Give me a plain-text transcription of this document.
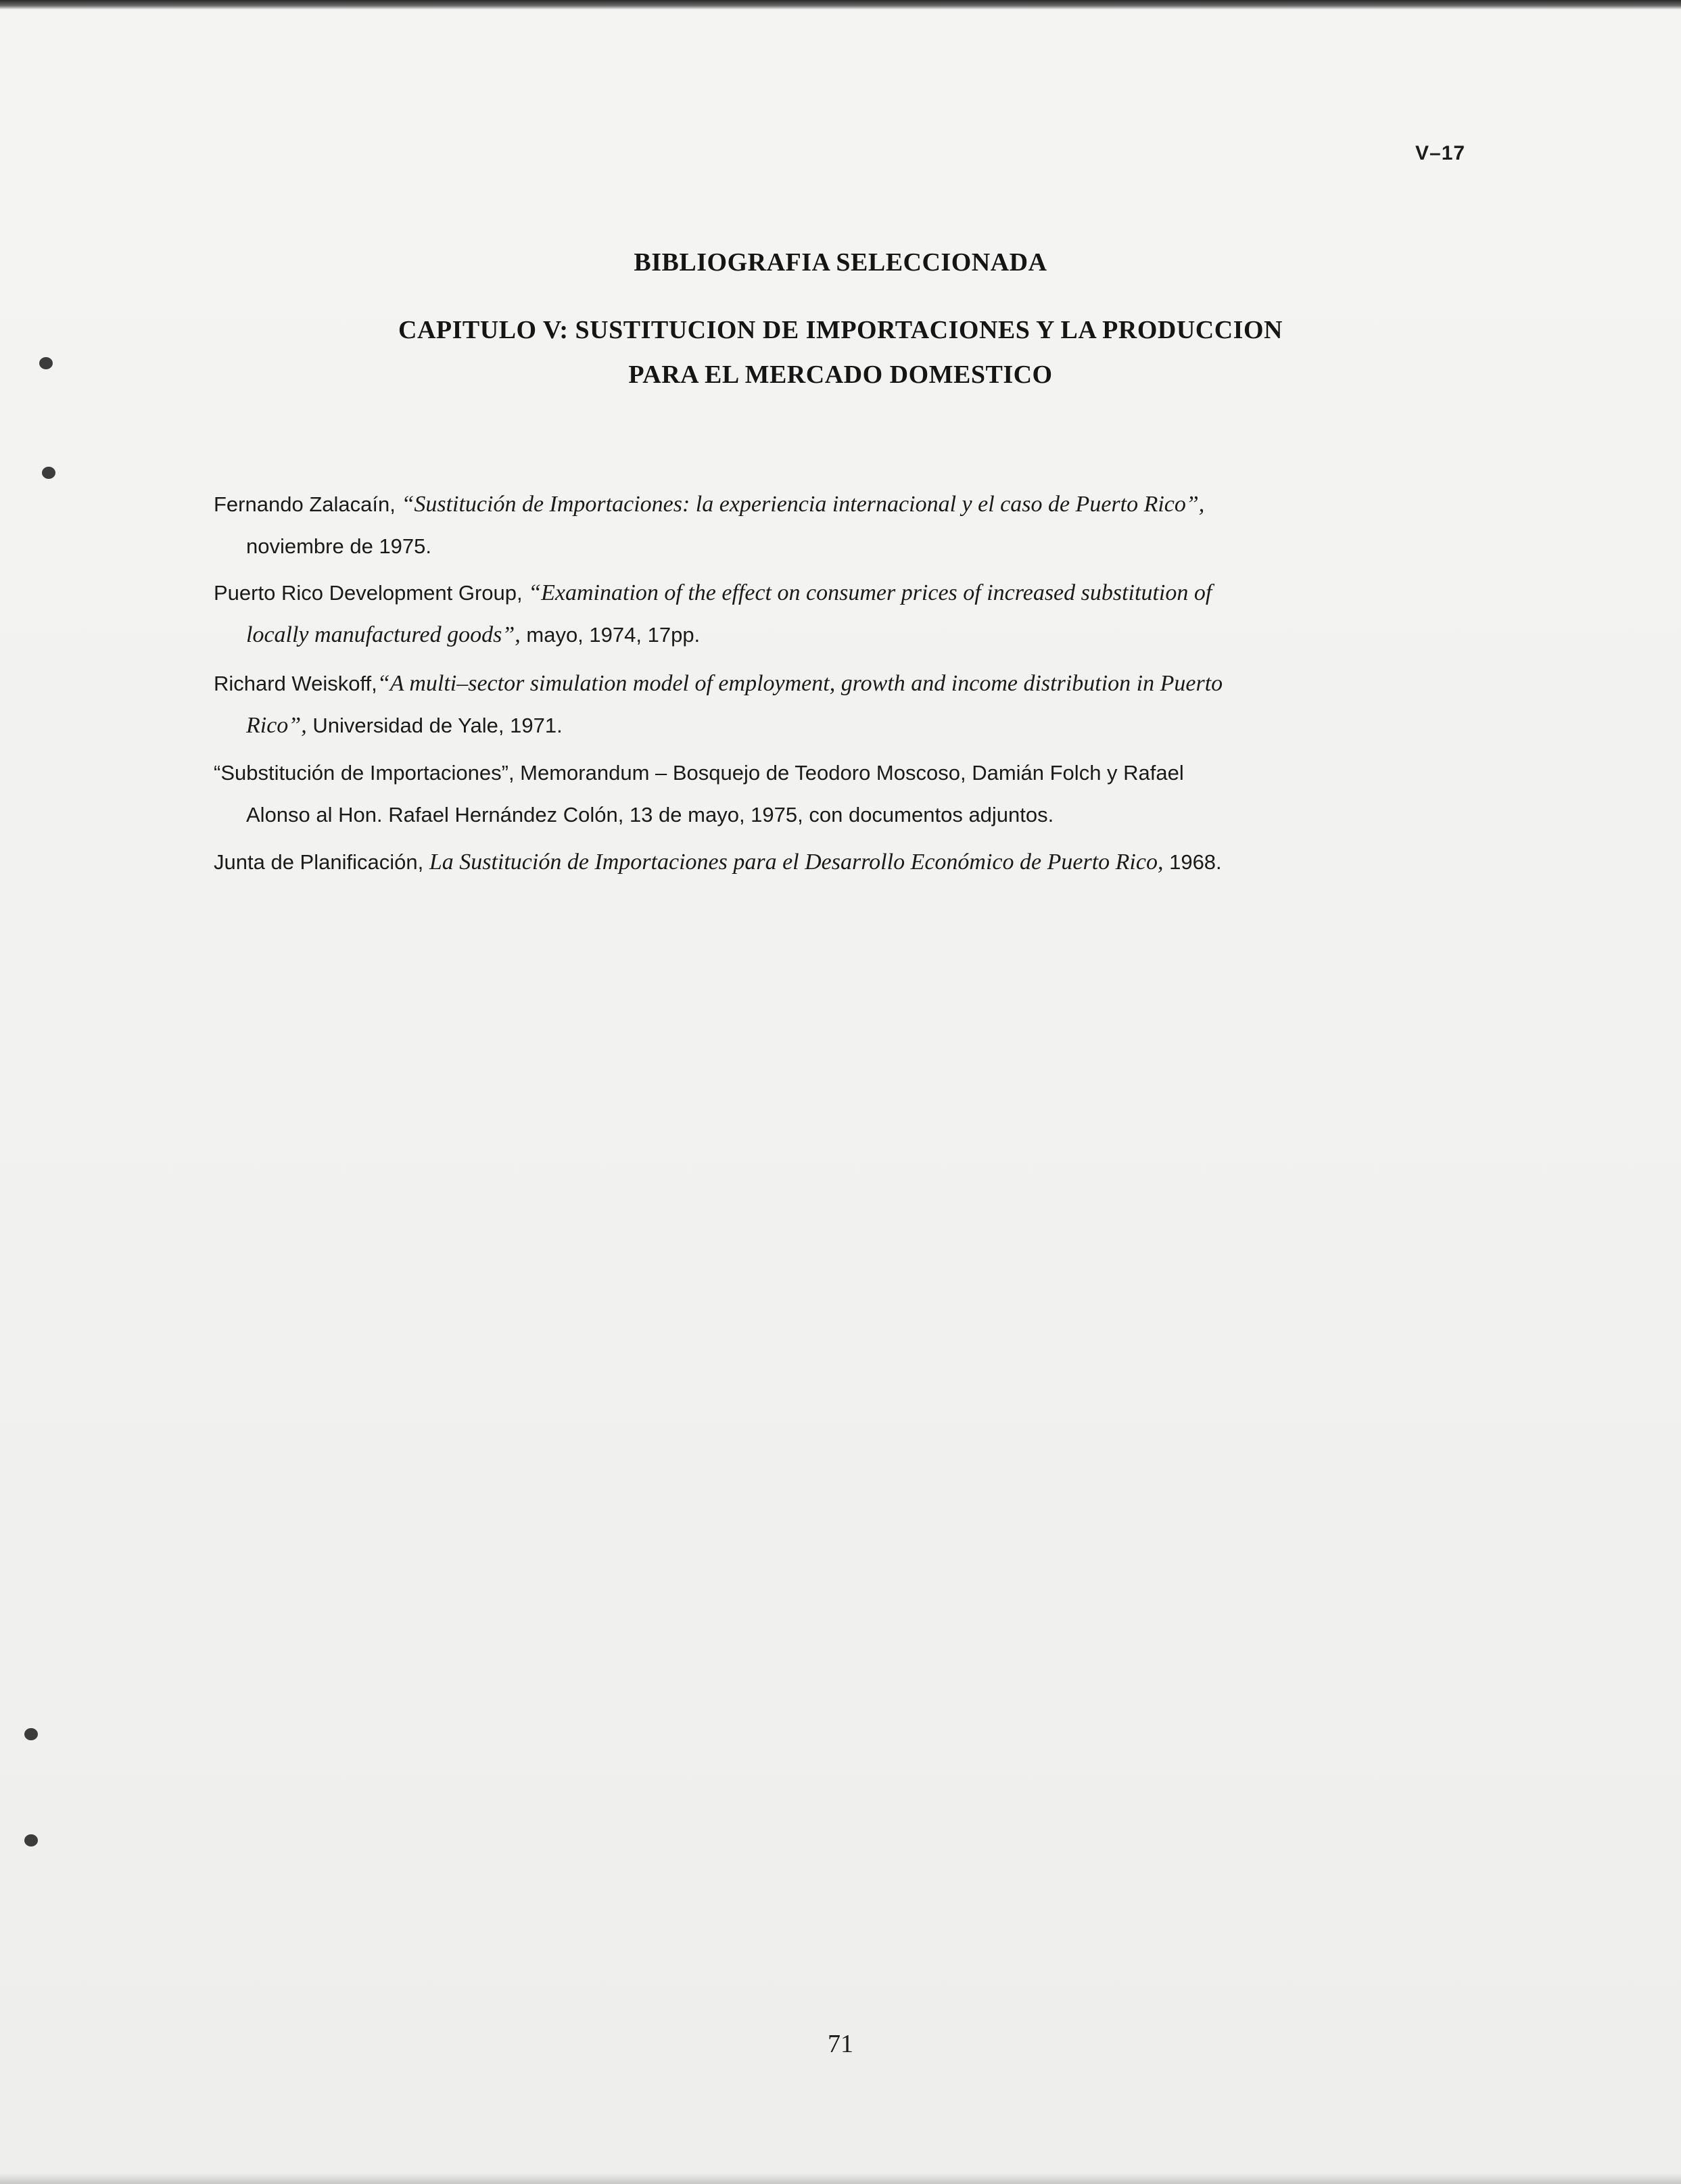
V–17
BIBLIOGRAFIA SELECCIONADA
CAPITULO V: SUSTITUCION DE IMPORTACIONES Y LA PRODUCCION
PARA EL MERCADO DOMESTICO
Fernando Zalacaín, “Sustitución de Importaciones: la experiencia internacional y el caso de Puerto Rico”,
noviembre de 1975.
Puerto Rico Development Group, “Examination of the effect on consumer prices of increased substitution of
locally manufactured goods”, mayo, 1974, 17pp.
Richard Weiskoff,“A multi–sector simulation model of employment, growth and income distribution in Puerto
Rico”, Universidad de Yale, 1971.
“Substitución de Importaciones”, Memorandum – Bosquejo de Teodoro Moscoso, Damián Folch y Rafael
Alonso al Hon. Rafael Hernández Colón, 13 de mayo, 1975, con documentos adjuntos.
Junta de Planificación, La Sustitución de Importaciones para el Desarrollo Económico de Puerto Rico, 1968.
71
